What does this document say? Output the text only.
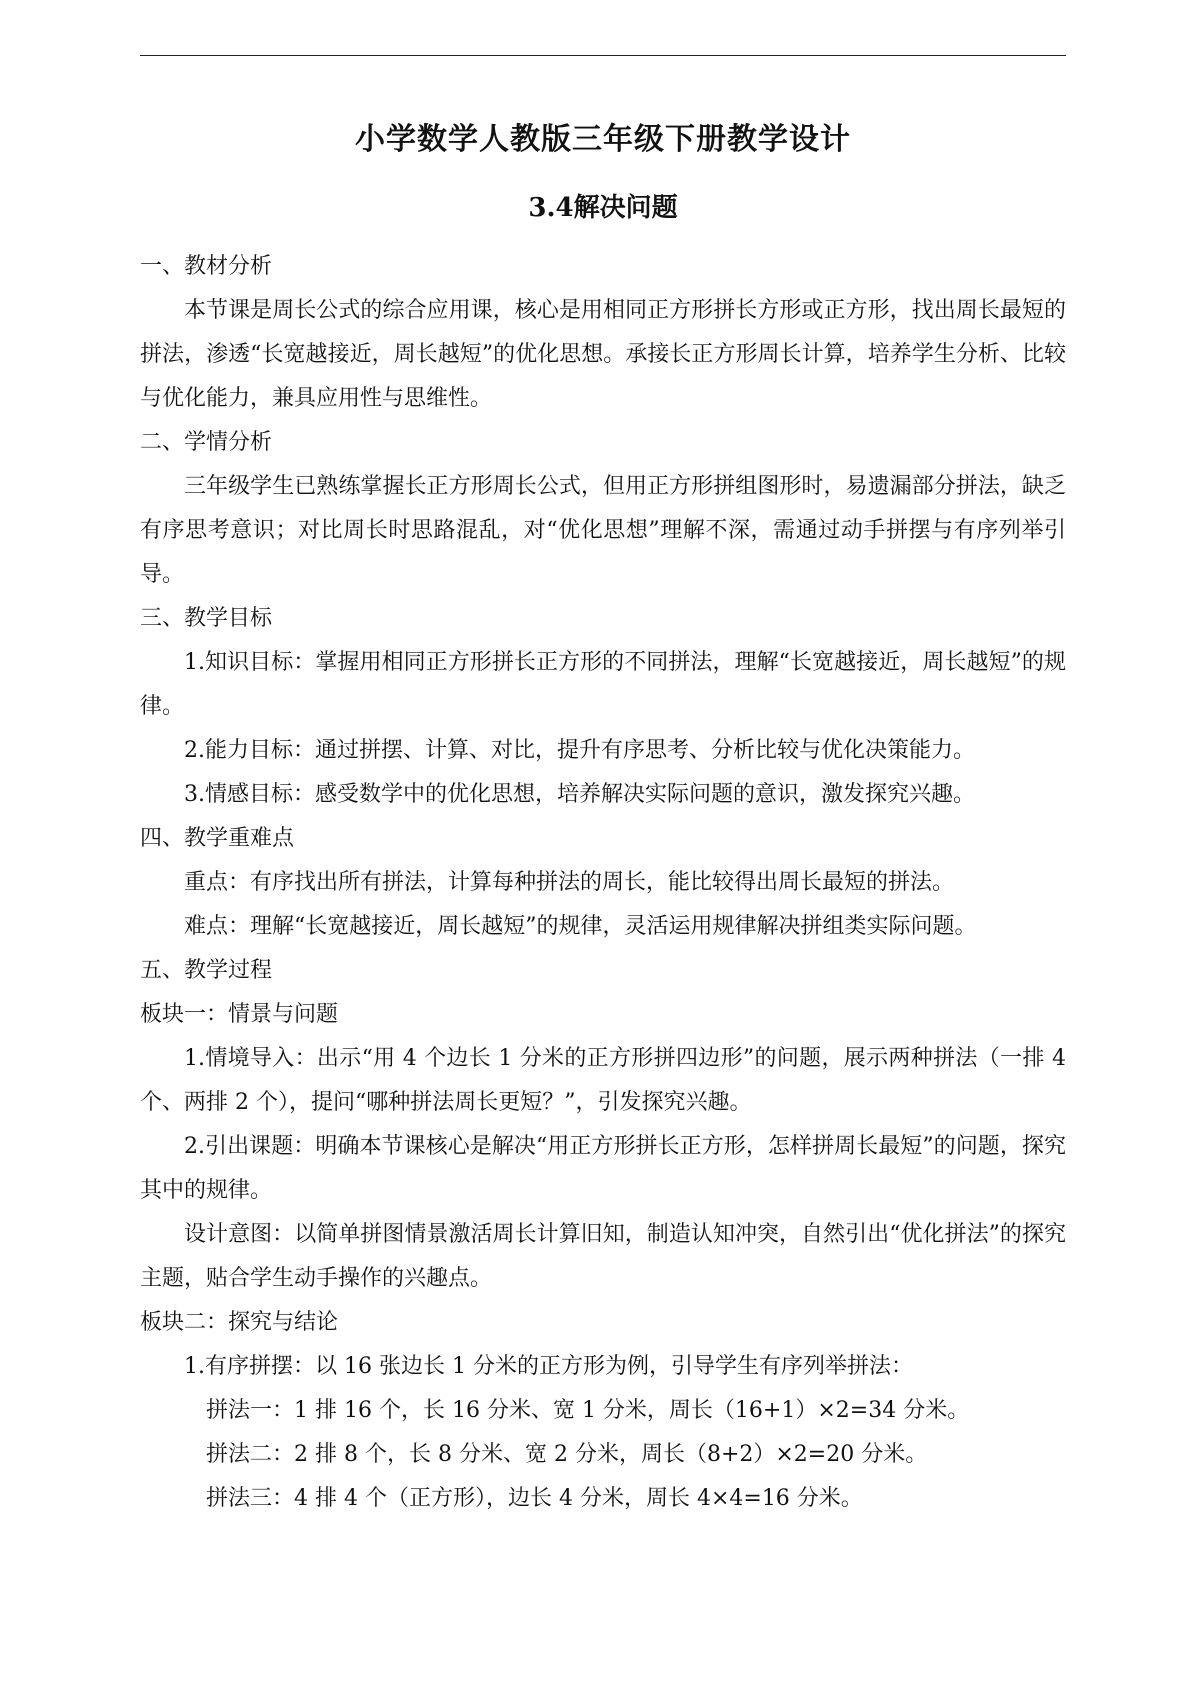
小学数学人教版三年级下册教学设计
3.4解决问题

一、教材分析

本节课是周长公式的综合应用课，核心是用相同正方形拼长方形或正方形，找出周长最短的拼法，渗透“长宽越接近，周长越短”的优化思想。承接长正方形周长计算，培养学生分析、比较与优化能力，兼具应用性与思维性。

二、学情分析

三年级学生已熟练掌握长正方形周长公式，但用正方形拼组图形时，易遗漏部分拼法，缺乏有序思考意识；对比周长时思路混乱，对“优化思想”理解不深，需通过动手拼摆与有序列举引导。

三、教学目标

1.知识目标：掌握用相同正方形拼长正方形的不同拼法，理解“长宽越接近，周长越短”的规律。

2.能力目标：通过拼摆、计算、对比，提升有序思考、分析比较与优化决策能力。

3.情感目标：感受数学中的优化思想，培养解决实际问题的意识，激发探究兴趣。

四、教学重难点

重点：有序找出所有拼法，计算每种拼法的周长，能比较得出周长最短的拼法。

难点：理解“长宽越接近，周长越短”的规律，灵活运用规律解决拼组类实际问题。

五、教学过程

板块一：情景与问题

1.情境导入：出示“用 4 个边长 1 分米的正方形拼四边形”的问题，展示两种拼法（一排 4 个、两排 2 个），提问“哪种拼法周长更短？”，引发探究兴趣。

2.引出课题：明确本节课核心是解决“用正方形拼长正方形，怎样拼周长最短”的问题，探究其中的规律。

设计意图：以简单拼图情景激活周长计算旧知，制造认知冲突，自然引出“优化拼法”的探究主题，贴合学生动手操作的兴趣点。

板块二：探究与结论

1.有序拼摆：以 16 张边长 1 分米的正方形为例，引导学生有序列举拼法：

拼法一：1 排 16 个，长 16 分米、宽 1 分米，周长（16+1）×2=34 分米。

拼法二：2 排 8 个，长 8 分米、宽 2 分米，周长（8+2）×2=20 分米。

拼法三：4 排 4 个（正方形），边长 4 分米，周长 4×4=16 分米。
